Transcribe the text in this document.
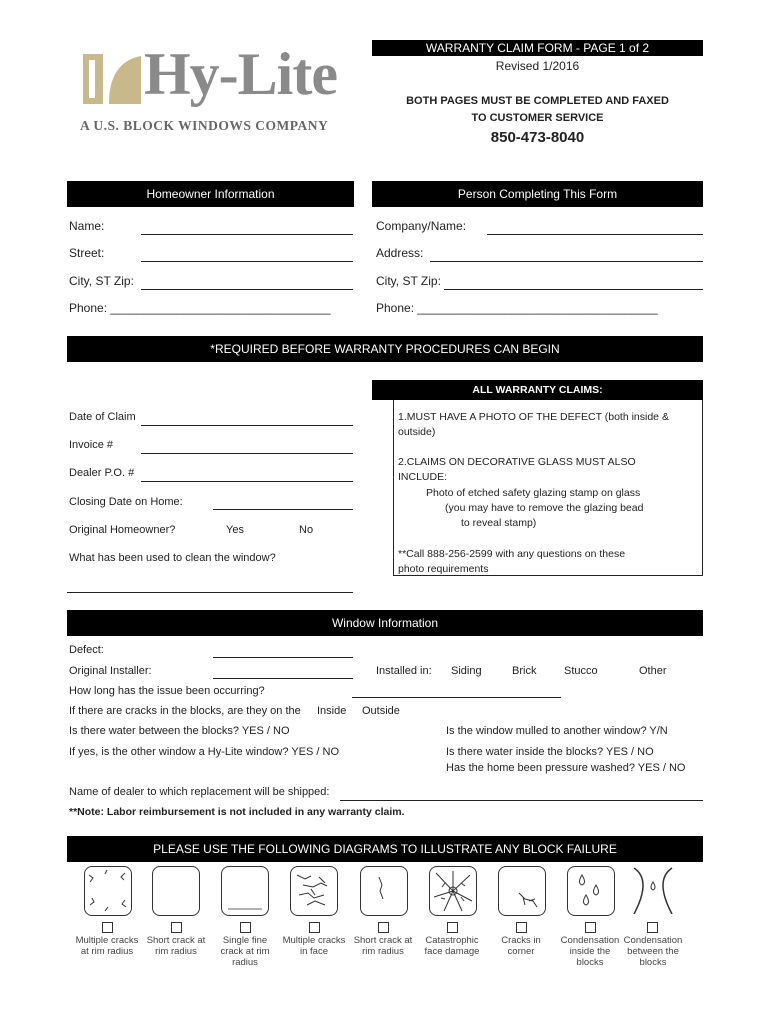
Hy-Lite
A U.S. BLOCK WINDOWS COMPANY
WARRANTY CLAIM FORM - PAGE 1 of 2
Revised 1/2016
BOTH PAGES MUST BE COMPLETED AND FAXED
TO CUSTOMER SERVICE
850-473-8040
Homeowner Information	Person Completing This Form
Name:
Street:
City, ST Zip:
Phone: _________________________________
Company/Name:
Address:
City, ST Zip:
Phone: ____________________________________
*REQUIRED BEFORE WARRANTY PROCEDURES CAN BEGIN
Date of Claim
Invoice #
Dealer P.O. #
Closing Date on Home:
Original Homeowner?	Yes	No
What has been used to clean the window?
ALL WARRANTY CLAIMS:
1.MUST HAVE A PHOTO OF THE DEFECT (both inside & outside)
2.CLAIMS ON DECORATIVE GLASS MUST ALSO
INCLUDE:
Photo of etched safety glazing stamp on glass
(you may have to remove the glazing bead
to reveal stamp)
**Call 888-256-2599 with any questions on these
photo requirements
Window Information
Defect:
Original Installer:	Installed in: Siding	Brick	Stucco	Other
How long has the issue been occurring?
If there are cracks in the blocks, are they on the Inside Outside
Is there water between the blocks? YES / NO	Is the window mulled to another window? Y/N
If yes, is the other window a Hy-Lite window? YES / NO	Is there water inside the blocks? YES / NO
Has the home been pressure washed? YES / NO
Name of dealer to which replacement will be shipped:
**Note: Labor reimbursement is not included in any warranty claim.
PLEASE USE THE FOLLOWING DIAGRAMS TO ILLUSTRATE ANY BLOCK FAILURE
Multiple cracks at rim radius
Short crack at rim radius
Single fine crack at rim radius
Multiple cracks in face
Short crack at rim radius
Catastrophic face damage
Cracks in corner
Condensation inside the blocks
Condensation between the blocks
